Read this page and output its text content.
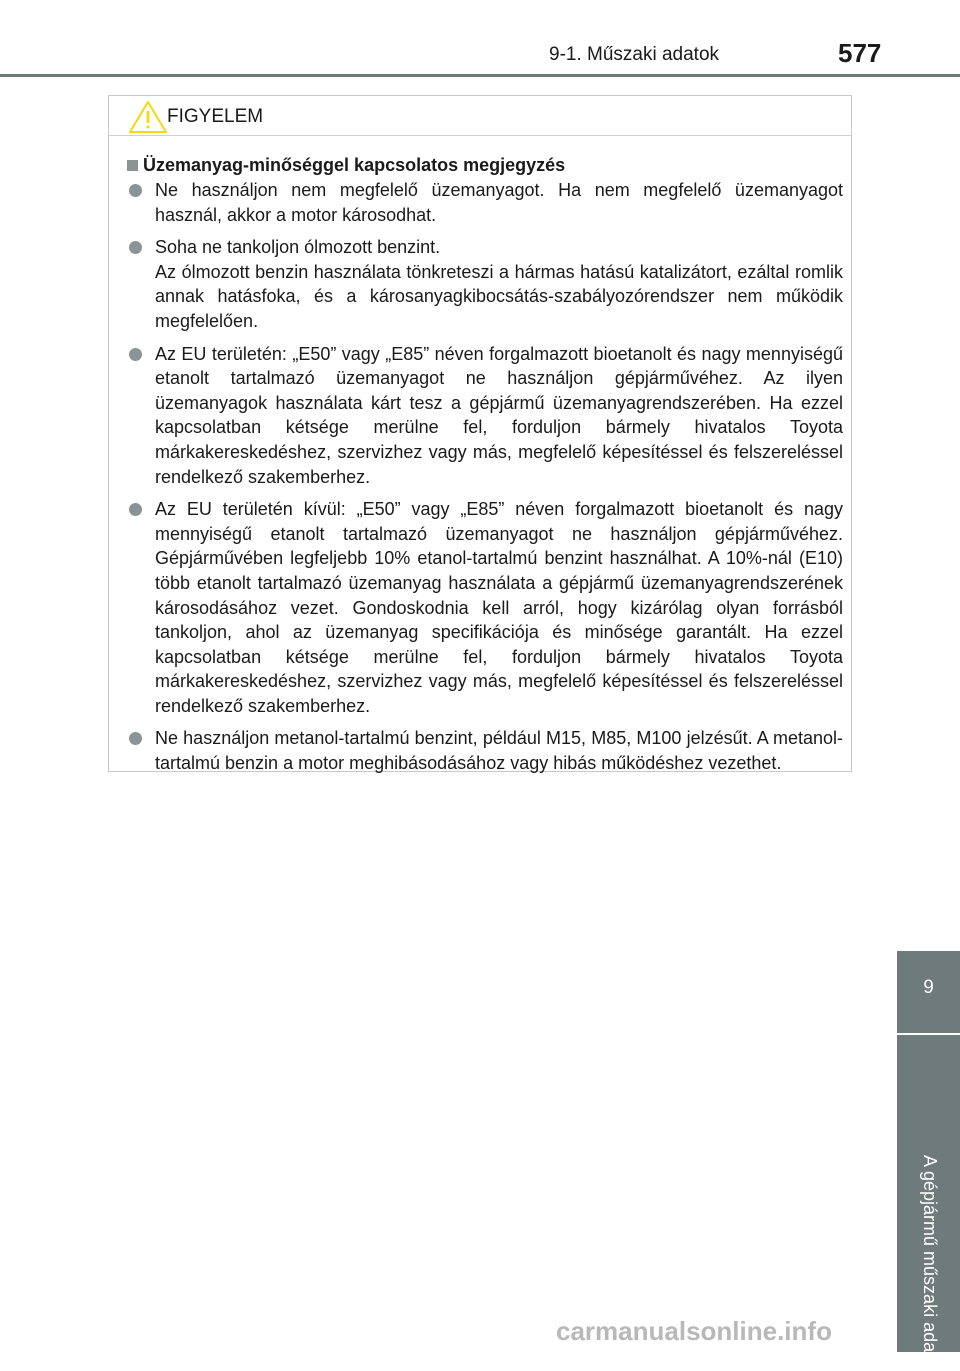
9-1. Műszaki adatok	577
FIGYELEM
Üzemanyag-minőséggel kapcsolatos megjegyzés
Ne használjon nem megfelelő üzemanyagot. Ha nem megfelelő üzemanyagot használ, akkor a motor károsodhat.
Soha ne tankoljon ólmozott benzint.
Az ólmozott benzin használata tönkreteszi a hármas hatású katalizátort, ezáltal romlik annak hatásfoka, és a károsanyagkibocsátás-szabályozórendszer nem működik megfelelően.
Az EU területén: „E50” vagy „E85” néven forgalmazott bioetanolt és nagy mennyiségű etanolt tartalmazó üzemanyagot ne használjon gépjárművéhez. Az ilyen üzemanyagok használata kárt tesz a gépjármű üzemanyagrendszerében. Ha ezzel kapcsolatban kétsége merülne fel, forduljon bármely hivatalos Toyota márkakereskedéshez, szervizhez vagy más, megfelelő képesítéssel és felszereléssel rendelkező szakemberhez.
Az EU területén kívül: „E50” vagy „E85” néven forgalmazott bioetanolt és nagy mennyiségű etanolt tartalmazó üzemanyagot ne használjon gépjárművéhez. Gépjárművében legfeljebb 10% etanol-tartalmú benzint használhat. A 10%-nál (E10) több etanolt tartalmazó üzemanyag használata a gépjármű üzemanyagrendszerének károsodásához vezet. Gondoskodnia kell arról, hogy kizárólag olyan forrásból tankoljon, ahol az üzemanyag specifikációja és minősége garantált. Ha ezzel kapcsolatban kétsége merülne fel, forduljon bármely hivatalos Toyota márkakereskedéshez, szervizhez vagy más, megfelelő képesítéssel és felszereléssel rendelkező szakemberhez.
Ne használjon metanol-tartalmú benzint, például M15, M85, M100 jelzésűt. A metanol-tartalmú benzin a motor meghibásodásához vagy hibás működéshez vezethet.
9
A gépjármű műszaki adatai
carmanualsonline.info
